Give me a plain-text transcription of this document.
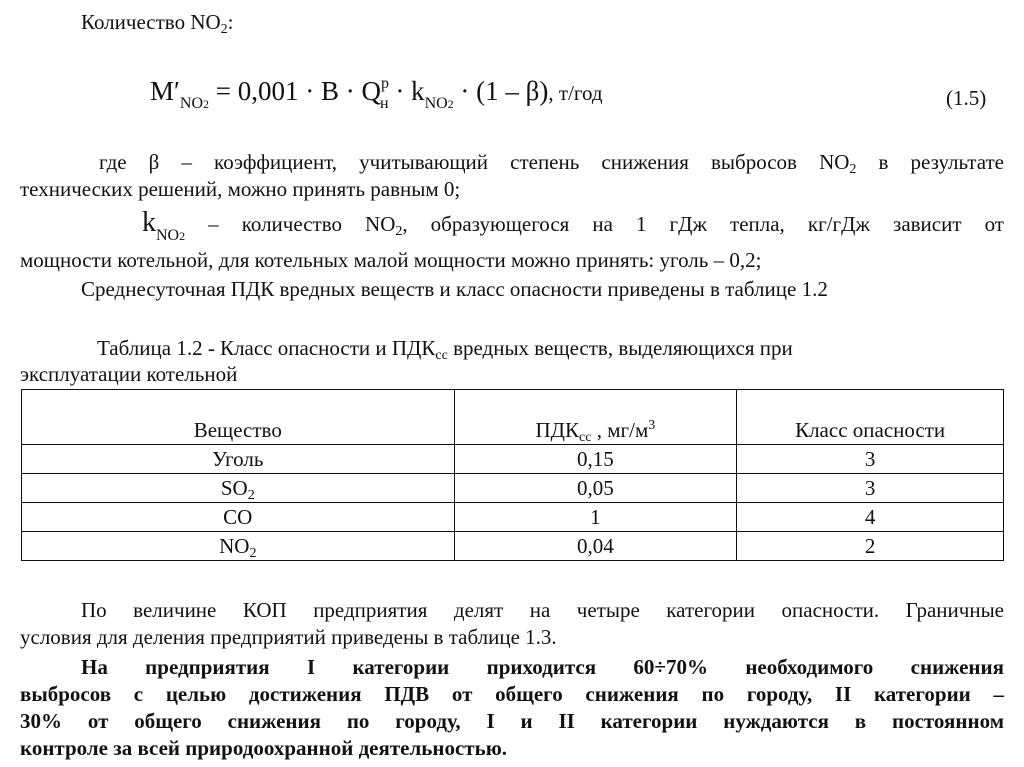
Количество $NO_2$:
$M'_{NO2} = 0,001 \cdot B \cdot Q^р_н \cdot k_{NO2} \cdot (1 - \beta)$, т/год	(1.5)
где β – коэффициент, учитывающий степень снижения выбросов $NO_2$ в результате
технических решений, можно принять равным 0;
$k_{NO2}$ – количество $NO_2$, образующегося на 1 гДж тепла, кг/гДж зависит от
мощности котельной, для котельных малой мощности можно принять: уголь – 0,2;
Среднесуточная ПДК вредных веществ и класс опасности приведены в таблице 1.2
Таблица 1.2 - Класс опасности и $ПДК_{сс}$ вредных веществ, выделяющихся при
эксплуатации котельной
Вещество	$ПДК_{сс}$ , $мг/м^3$	Класс опасности
Уголь	0,15	3
$SO_2$	0,05	3
CO	1	4
$NO_2$	0,04	2
По величине КОП предприятия делят на четыре категории опасности. Граничные
условия для деления предприятий приведены в таблице 1.3.
На предприятия I категории приходится 60÷70% необходимого снижения
выбросов с целью достижения ПДВ от общего снижения по городу, II категории –
30% от общего снижения по городу, I и II категории нуждаются в постоянном
контроле за всей природоохранной деятельностью.
